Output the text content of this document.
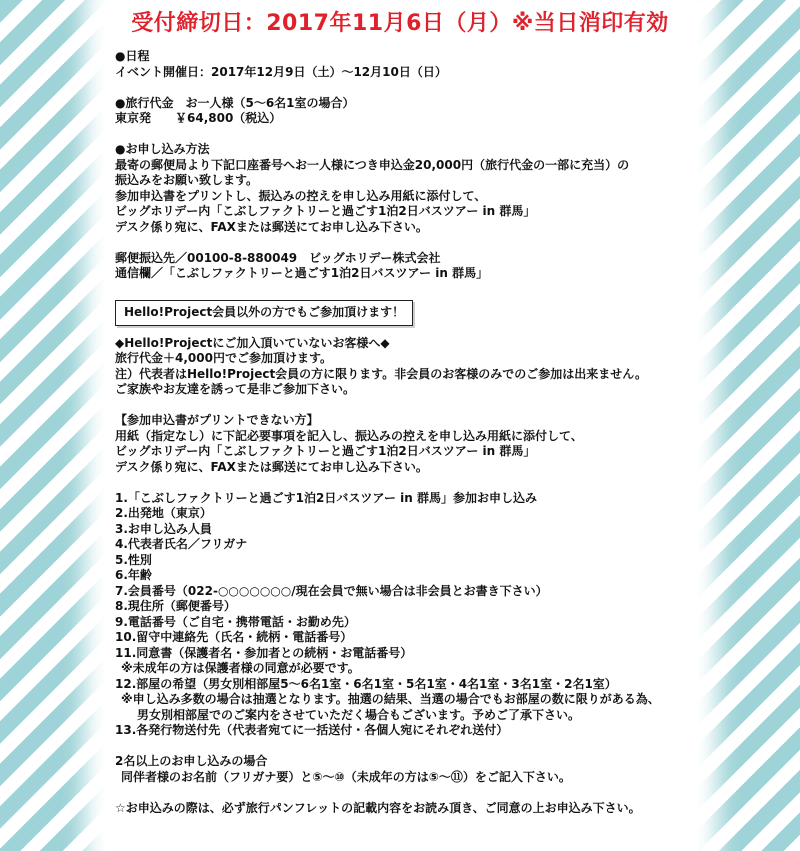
受付締切日：2017年11月6日（月）※当日消印有効
●日程
イベント開催日：2017年12月9日（土）～12月10日（日）
●旅行代金　お一人様（5～6名1室の場合）
東京発　　￥64,800（税込）
●お申し込み方法
最寄の郵便局より下記口座番号へお一人様につき申込金20,000円（旅行代金の一部に充当）の
振込みをお願い致します。
参加申込書をプリントし、振込みの控えを申し込み用紙に添付して、
ビッグホリデー内「こぶしファクトリーと過ごす1泊2日バスツアー in 群馬」
デスク係り宛に、FAXまたは郵送にてお申し込み下さい。
郵便振込先／00100-8-880049　ビッグホリデー株式会社
通信欄／「こぶしファクトリーと過ごす1泊2日バスツアー in 群馬」
Hello!Project会員以外の方でもご参加頂けます！
◆Hello!Projectにご加入頂いていないお客様へ◆
旅行代金＋4,000円でご参加頂けます。
注）代表者はHello!Project会員の方に限ります。非会員のお客様のみでのご参加は出来ません。
ご家族やお友達を誘って是非ご参加下さい。
【参加申込書がプリントできない方】
用紙（指定なし）に下記必要事項を記入し、振込みの控えを申し込み用紙に添付して、
ビッグホリデー内「こぶしファクトリーと過ごす1泊2日バスツアー in 群馬」
デスク係り宛に、FAXまたは郵送にてお申し込み下さい。
1.「こぶしファクトリーと過ごす1泊2日バスツアー in 群馬」参加お申し込み
2.出発地（東京）
3.お申し込み人員
4.代表者氏名／フリガナ
5.性別
6.年齢
7.会員番号（022-○○○○○○○/現在会員で無い場合は非会員とお書き下さい）
8.現住所（郵便番号）
9.電話番号（ご自宅・携帯電話・お勤め先）
10.留守中連絡先（氏名・続柄・電話番号）
11.同意書（保護者名・参加者との続柄・お電話番号）
※未成年の方は保護者様の同意が必要です。
12.部屋の希望（男女別相部屋5～6名1室・6名1室・5名1室・4名1室・3名1室・2名1室）
※申し込み多数の場合は抽選となります。抽選の結果、当選の場合でもお部屋の数に限りがある為、
男女別相部屋でのご案内をさせていただく場合もございます。予めご了承下さい。
13.各発行物送付先（代表者宛てに一括送付・各個人宛にそれぞれ送付）
2名以上のお申し込みの場合
同伴者様のお名前（フリガナ要）と⑤～⑩（未成年の方は⑤～⑪）をご記入下さい。
☆お申込みの際は、必ず旅行パンフレットの記載内容をお読み頂き、ご同意の上お申込み下さい。
